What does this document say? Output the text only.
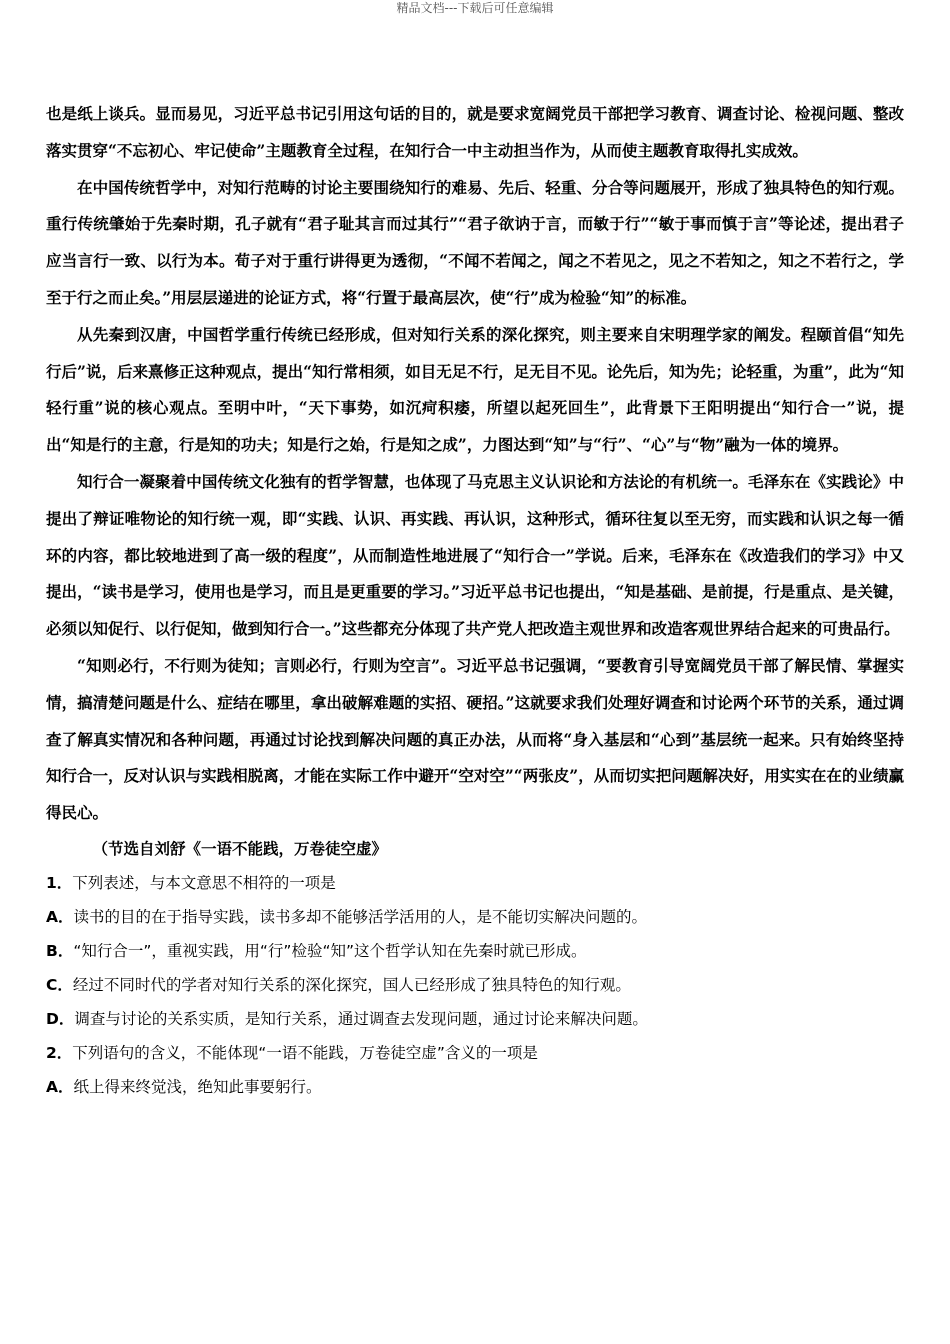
精品文档---下载后可任意编辑

也是纸上谈兵。显而易见，习近平总书记引用这句话的目的，就是要求宽阔党员干部把学习教育、调查讨论、检视问题、整改落实贯穿“不忘初心、牢记使命”主题教育全过程，在知行合一中主动担当作为，从而使主题教育取得扎实成效。

在中国传统哲学中，对知行范畴的讨论主要围绕知行的难易、先后、轻重、分合等问题展开，形成了独具特色的知行观。重行传统肇始于先秦时期，孔子就有“君子耻其言而过其行”“君子欲讷于言，而敏于行”“敏于事而慎于言”等论述，提出君子应当言行一致、以行为本。荀子对于重行讲得更为透彻，“不闻不若闻之，闻之不若见之，见之不若知之，知之不若行之，学至于行之而止矣。”用层层递进的论证方式，将“行置于最高层次，使“行”成为检验“知”的标准。

从先秦到汉唐，中国哲学重行传统已经形成，但对知行关系的深化探究，则主要来自宋明理学家的阐发。程颐首倡“知先行后”说，后来熹修正这种观点，提出“知行常相须，如目无足不行，足无目不见。论先后，知为先；论轻重，为重”，此为“知轻行重”说的核心观点。至明中叶，“天下事势，如沉疴积痿，所望以起死回生”，此背景下王阳明提出“知行合一”说，提出“知是行的主意，行是知的功夫；知是行之始，行是知之成”，力图达到“知”与“行”、“心”与“物”融为一体的境界。

知行合一凝聚着中国传统文化独有的哲学智慧，也体现了马克思主义认识论和方法论的有机统一。毛泽东在《实践论》中提出了辩证唯物论的知行统一观，即“实践、认识、再实践、再认识，这种形式，循环往复以至无穷，而实践和认识之每一循环的内容，都比较地进到了高一级的程度”，从而制造性地进展了“知行合一”学说。后来，毛泽东在《改造我们的学习》中又提出，“读书是学习，使用也是学习，而且是更重要的学习。”习近平总书记也提出，“知是基础、是前提，行是重点、是关键，必须以知促行、以行促知，做到知行合一。”这些都充分体现了共产党人把改造主观世界和改造客观世界结合起来的可贵品行。

“知则必行，不行则为徒知；言则必行，行则为空言”。习近平总书记强调，“要教育引导宽阔党员干部了解民情、掌握实情，搞清楚问题是什么、症结在哪里，拿出破解难题的实招、硬招。”这就要求我们处理好调查和讨论两个环节的关系，通过调查了解真实情况和各种问题，再通过讨论找到解决问题的真正办法，从而将“身入基层和“心到”基层统一起来。只有始终坚持知行合一，反对认识与实践相脱离，才能在实际工作中避开“空对空”“两张皮”，从而切实把问题解决好，用实实在在的业绩赢得民心。

（节选自刘舒《一语不能践，万卷徒空虚》

1．下列表述，与本文意思不相符的一项是

A．读书的目的在于指导实践，读书多却不能够活学活用的人，是不能切实解决问题的。

B．“知行合一”，重视实践，用“行”检验“知”这个哲学认知在先秦时就已形成。

C．经过不同时代的学者对知行关系的深化探究，国人已经形成了独具特色的知行观。

D．调查与讨论的关系实质，是知行关系，通过调查去发现问题，通过讨论来解决问题。

2．下列语句的含义，不能体现“一语不能践，万卷徒空虚”含义的一项是

A．纸上得来终觉浅，绝知此事要躬行。
